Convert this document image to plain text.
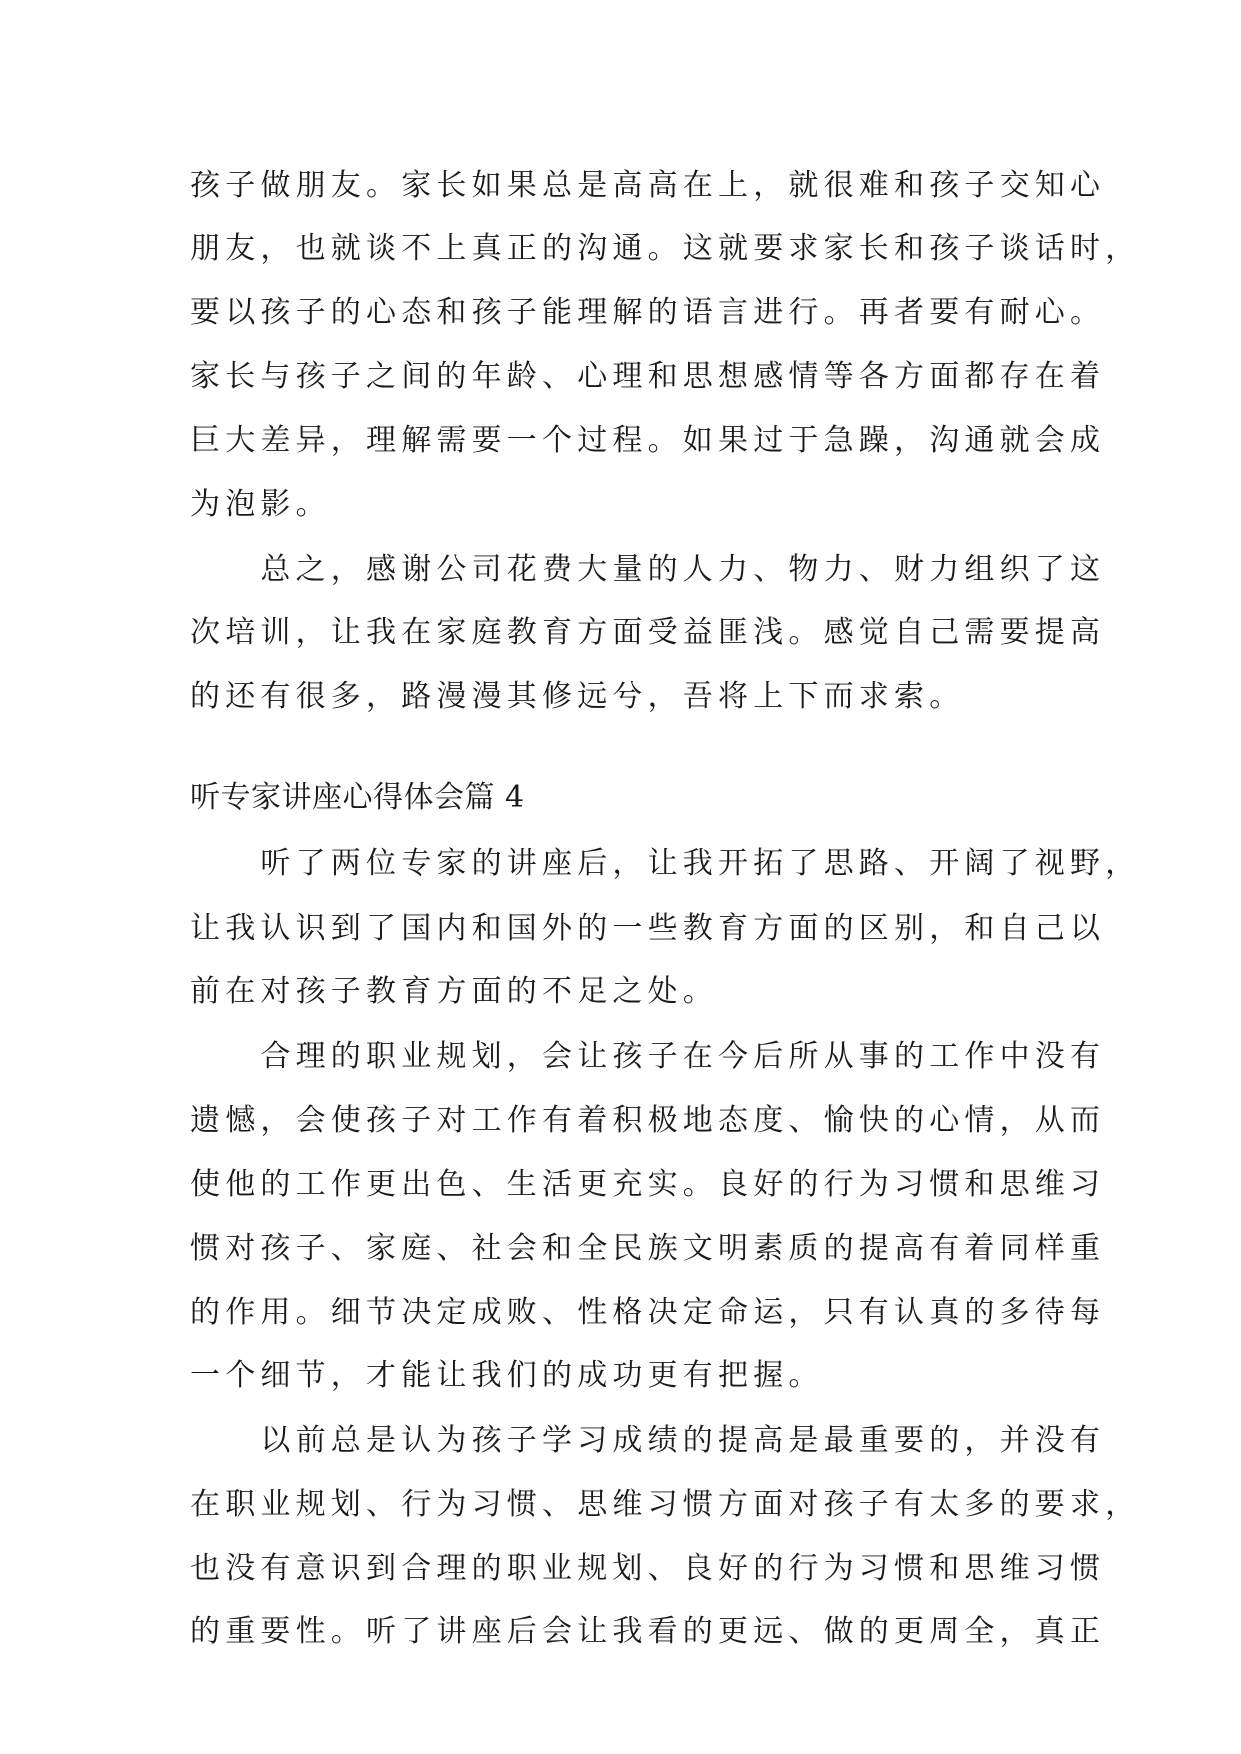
孩子做朋友。家长如果总是高高在上，就很难和孩子交知心
朋友，也就谈不上真正的沟通。这就要求家长和孩子谈话时，
要以孩子的心态和孩子能理解的语言进行。再者要有耐心。
家长与孩子之间的年龄、心理和思想感情等各方面都存在着
巨大差异，理解需要一个过程。如果过于急躁，沟通就会成
为泡影。
　　总之，感谢公司花费大量的人力、物力、财力组织了这
次培训，让我在家庭教育方面受益匪浅。感觉自己需要提高
的还有很多，路漫漫其修远兮，吾将上下而求索。
听专家讲座心得体会篇 4
　　听了两位专家的讲座后，让我开拓了思路、开阔了视野，
让我认识到了国内和国外的一些教育方面的区别，和自己以
前在对孩子教育方面的不足之处。
　　合理的职业规划，会让孩子在今后所从事的工作中没有
遗憾，会使孩子对工作有着积极地态度、愉快的心情，从而
使他的工作更出色、生活更充实。良好的行为习惯和思维习
惯对孩子、家庭、社会和全民族文明素质的提高有着同样重
的作用。细节决定成败、性格决定命运，只有认真的多待每
一个细节，才能让我们的成功更有把握。
　　以前总是认为孩子学习成绩的提高是最重要的，并没有
在职业规划、行为习惯、思维习惯方面对孩子有太多的要求，
也没有意识到合理的职业规划、良好的行为习惯和思维习惯
的重要性。听了讲座后会让我看的更远、做的更周全，真正
